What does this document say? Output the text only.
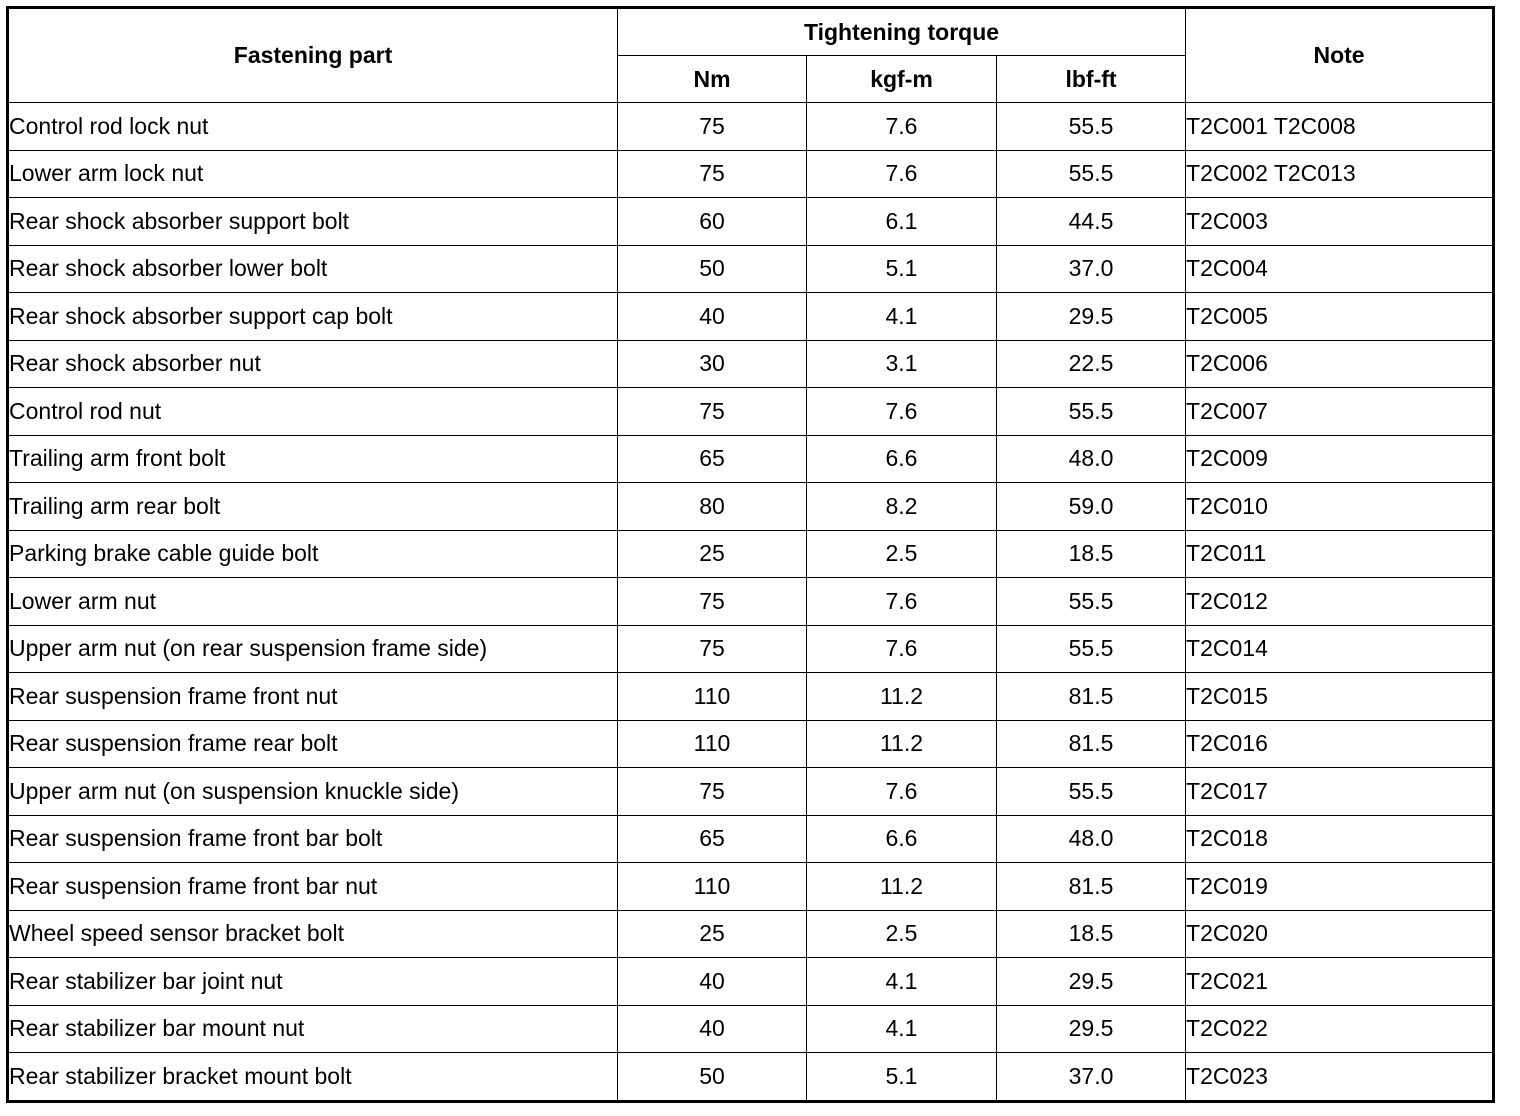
Fastening part	Tightening torque			Note
	Nm	kgf-m	lbf-ft	
Control rod lock nut	75	7.6	55.5	T2C001 T2C008
Lower arm lock nut	75	7.6	55.5	T2C002 T2C013
Rear shock absorber support bolt	60	6.1	44.5	T2C003
Rear shock absorber lower bolt	50	5.1	37.0	T2C004
Rear shock absorber support cap bolt	40	4.1	29.5	T2C005
Rear shock absorber nut	30	3.1	22.5	T2C006
Control rod nut	75	7.6	55.5	T2C007
Trailing arm front bolt	65	6.6	48.0	T2C009
Trailing arm rear bolt	80	8.2	59.0	T2C010
Parking brake cable guide bolt	25	2.5	18.5	T2C011
Lower arm nut	75	7.6	55.5	T2C012
Upper arm nut (on rear suspension frame side)	75	7.6	55.5	T2C014
Rear suspension frame front nut	110	11.2	81.5	T2C015
Rear suspension frame rear bolt	110	11.2	81.5	T2C016
Upper arm nut (on suspension knuckle side)	75	7.6	55.5	T2C017
Rear suspension frame front bar bolt	65	6.6	48.0	T2C018
Rear suspension frame front bar nut	110	11.2	81.5	T2C019
Wheel speed sensor bracket bolt	25	2.5	18.5	T2C020
Rear stabilizer bar joint nut	40	4.1	29.5	T2C021
Rear stabilizer bar mount nut	40	4.1	29.5	T2C022
Rear stabilizer bracket mount bolt	50	5.1	37.0	T2C023
